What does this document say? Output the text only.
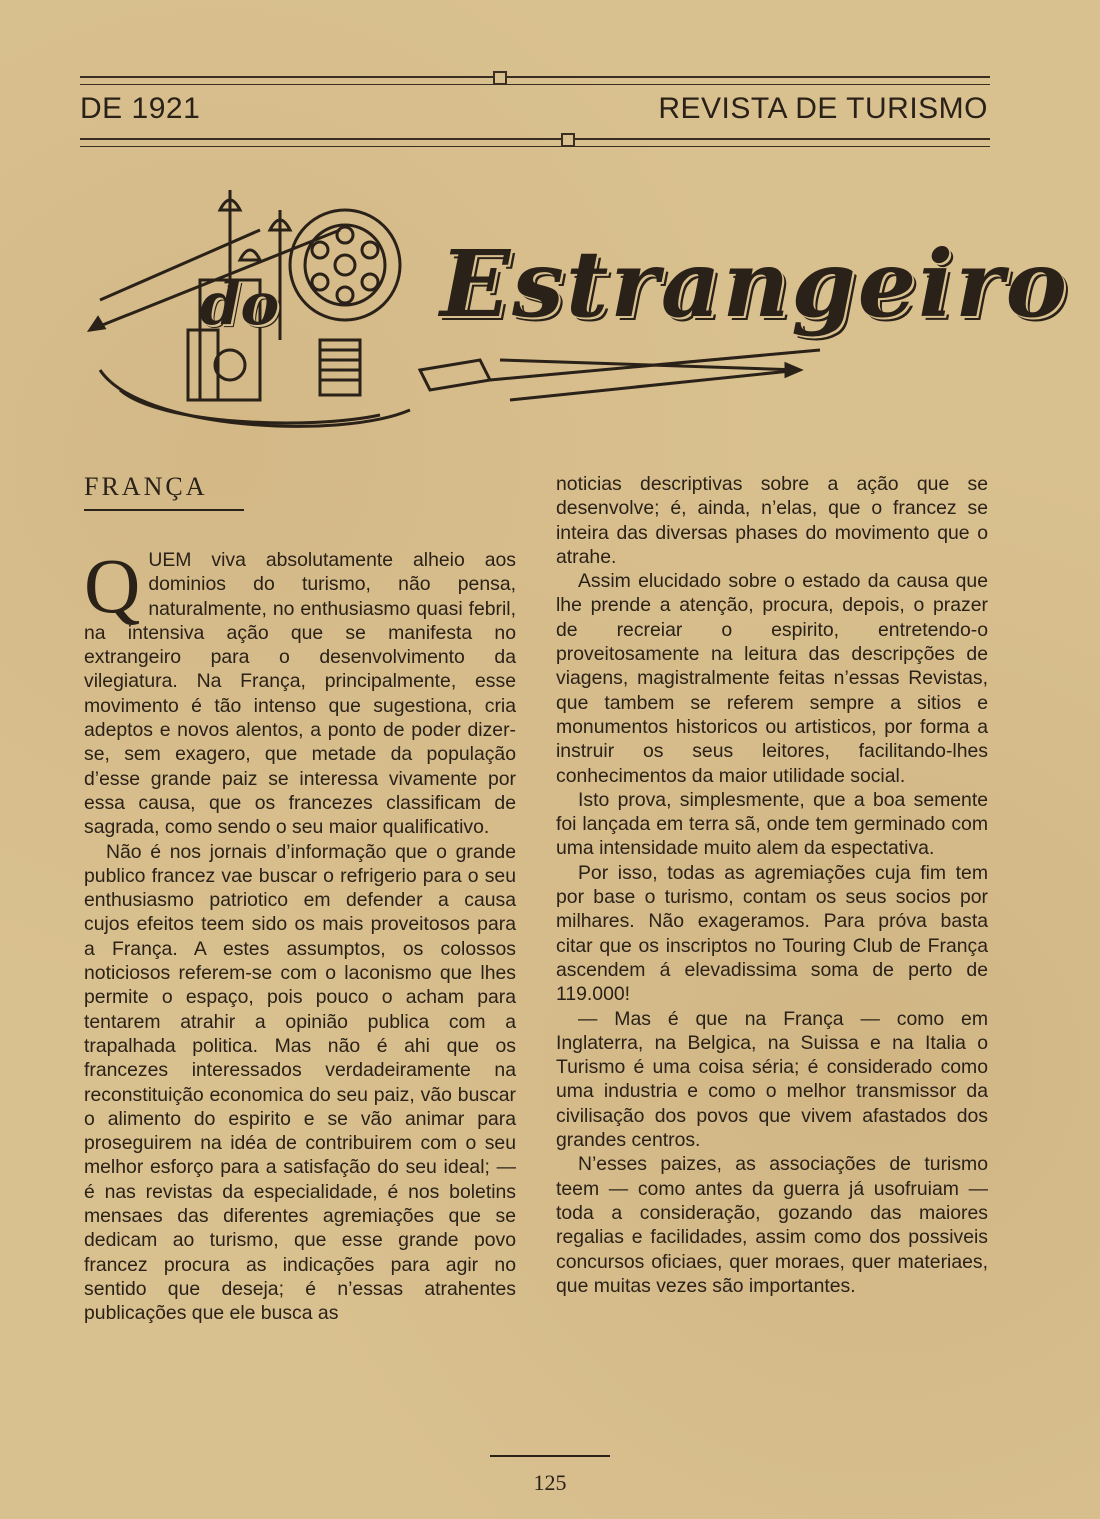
DE 1921	REVISTA DE TURISMO
do Estrangeiro
FRANÇA

QUEM viva absolutamente alheio aos dominios do turismo, não pensa, naturalmente, no enthusiasmo quasi febril, na intensiva ação que se manifesta no extrangeiro para o desenvolvimento da vilegiatura. Na França, principalmente, esse movimento é tão intenso que sugestiona, cria adeptos e novos alentos, a ponto de poder dizer-se, sem exagero, que metade da população d’esse grande paiz se interessa vivamente por essa causa, que os francezes classificam de sagrada, como sendo o seu maior qualificativo.

Não é nos jornais d’informação que o grande publico francez vae buscar o refrigerio para o seu enthusiasmo patriotico em defender a causa cujos efeitos teem sido os mais proveitosos para a França. A estes assumptos, os colossos noticiosos referem-se com o laconismo que lhes permite o espaço, pois pouco o acham para tentarem atrahir a opinião publica com a trapalhada politica. Mas não é ahi que os francezes interessados verdadeiramente na reconstituição economica do seu paiz, vão buscar o alimento do espirito e se vão animar para proseguirem na idéa de contribuirem com o seu melhor esforço para a satisfação do seu ideal; — é nas revistas da especialidade, é nos boletins mensaes das diferentes agremiações que se dedicam ao turismo, que esse grande povo francez procura as indicações para agir no sentido que deseja; é n’essas atrahentes publicações que ele busca as

noticias descriptivas sobre a ação que se desenvolve; é, ainda, n’elas, que o francez se inteira das diversas phases do movimento que o atrahe.

Assim elucidado sobre o estado da causa que lhe prende a atenção, procura, depois, o prazer de recreiar o espirito, entretendo-o proveitosamente na leitura das descripções de viagens, magistralmente feitas n’essas Revistas, que tambem se referem sempre a sitios e monumentos historicos ou artisticos, por forma a instruir os seus leitores, facilitando-lhes conhecimentos da maior utilidade social.

Isto prova, simplesmente, que a boa semente foi lançada em terra sã, onde tem germinado com uma intensidade muito alem da espectativa.

Por isso, todas as agremiações cuja fim tem por base o turismo, contam os seus socios por milhares. Não exageramos. Para próva basta citar que os inscriptos no Touring Club de França ascendem á elevadissima soma de perto de 119.000!

— Mas é que na França — como em Inglaterra, na Belgica, na Suissa e na Italia o Turismo é uma coisa séria; é considerado como uma industria e como o melhor transmissor da civilisação dos povos que vivem afastados dos grandes centros.

N’esses paizes, as associações de turismo teem — como antes da guerra já usofruiam — toda a consideração, gozando das maiores regalias e facilidades, assim como dos possiveis concursos oficiaes, quer moraes, quer materiaes, que muitas vezes são importantes.

125
